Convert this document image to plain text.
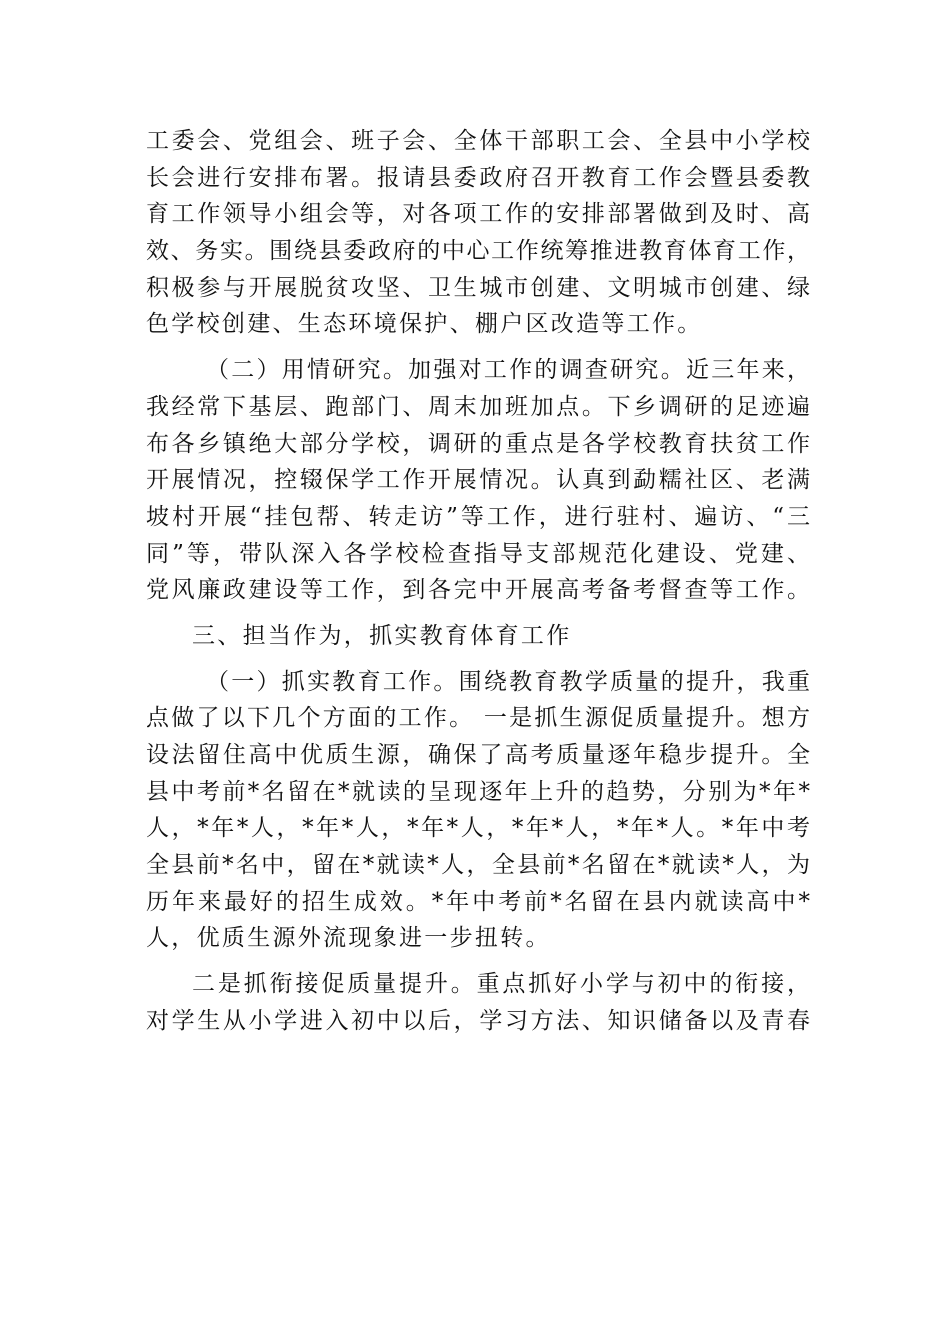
工委会、党组会、班子会、全体干部职工会、全县中小学校
长会进行安排布署。报请县委政府召开教育工作会暨县委教
育工作领导小组会等，对各项工作的安排部署做到及时、高
效、务实。围绕县委政府的中心工作统筹推进教育体育工作，
积极参与开展脱贫攻坚、卫生城市创建、文明城市创建、绿
色学校创建、生态环境保护、棚户区改造等工作。
（二）用情研究。加强对工作的调查研究。近三年来，
我经常下基层、跑部门、周末加班加点。下乡调研的足迹遍
布各乡镇绝大部分学校，调研的重点是各学校教育扶贫工作
开展情况，控辍保学工作开展情况。认真到勐糯社区、老满
坡村开展“挂包帮、转走访”等工作，进行驻村、遍访、“三
同”等，带队深入各学校检查指导支部规范化建设、党建、
党风廉政建设等工作，到各完中开展高考备考督查等工作。
三、担当作为，抓实教育体育工作
（一）抓实教育工作。围绕教育教学质量的提升，我重
点做了以下几个方面的工作。 一是抓生源促质量提升。想方
设法留住高中优质生源，确保了高考质量逐年稳步提升。全
县中考前*名留在*就读的呈现逐年上升的趋势，分别为*年*
人，*年*人，*年*人，*年*人，*年*人，*年*人。*年中考
全县前*名中，留在*就读*人，全县前*名留在*就读*人，为
历年来最好的招生成效。*年中考前*名留在县内就读高中*
人，优质生源外流现象进一步扭转。
二是抓衔接促质量提升。重点抓好小学与初中的衔接，
对学生从小学进入初中以后，学习方法、知识储备以及青春
